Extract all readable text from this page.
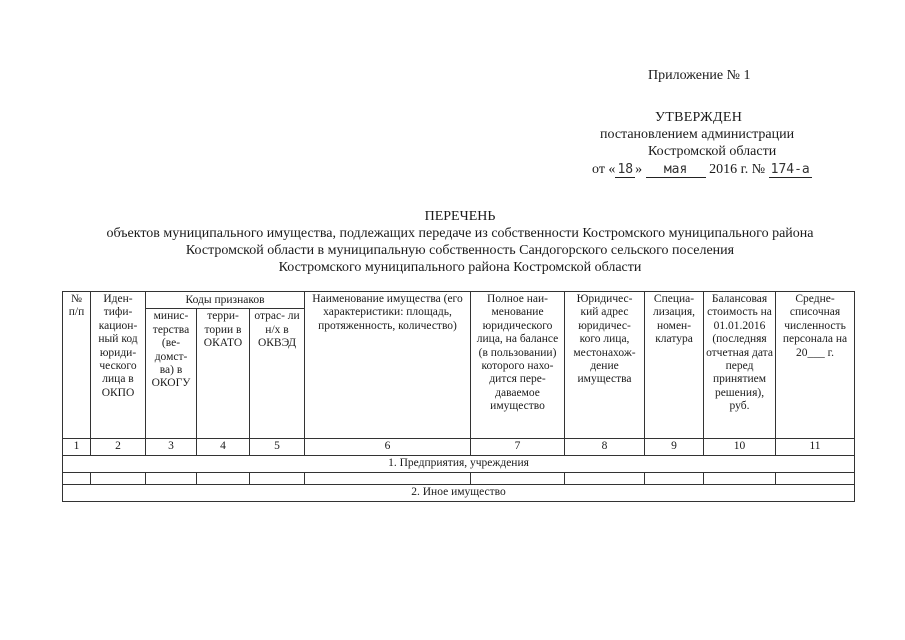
Приложение № 1
УТВЕРЖДЕН
постановлением администрации
Костромской области
от « 18 » мая 2016 г. № 174-а
ПЕРЕЧЕНЬ
объектов муниципального имущества, подлежащих передаче из собственности Костромского муниципального района
Костромской области в муниципальную собственность Сандогорского сельского поселения
Костромского муниципального района Костромской области
№ п/п	Иден- тифи- кацион- ный код юриди- ческого лица в ОКПО	Коды признаков			Наименование имущества (его характеристики: площадь, протяженность, количество)	Полное наи- менование юридического лица, на балансе (в пользовании) которого нахо- дится пере- даваемое имущество	Юридичес- кий адрес юридичес- кого лица, местонахож- дение имущества	Специа- лизация, номен- клатура	Балансовая стоимость на 01.01.2016 (последняя отчетная дата перед принятием решения), руб.	Средне- списочная численность персонала на 20___ г.
		минис- терства (ве- домст- ва) в ОКОГУ	терри- тории в ОКАТО	отрас- ли н/х в ОКВЭД						
1	2	3	4	5	6	7	8	9	10	11
1. Предприятия, учреждения										

2. Иное имущество										
